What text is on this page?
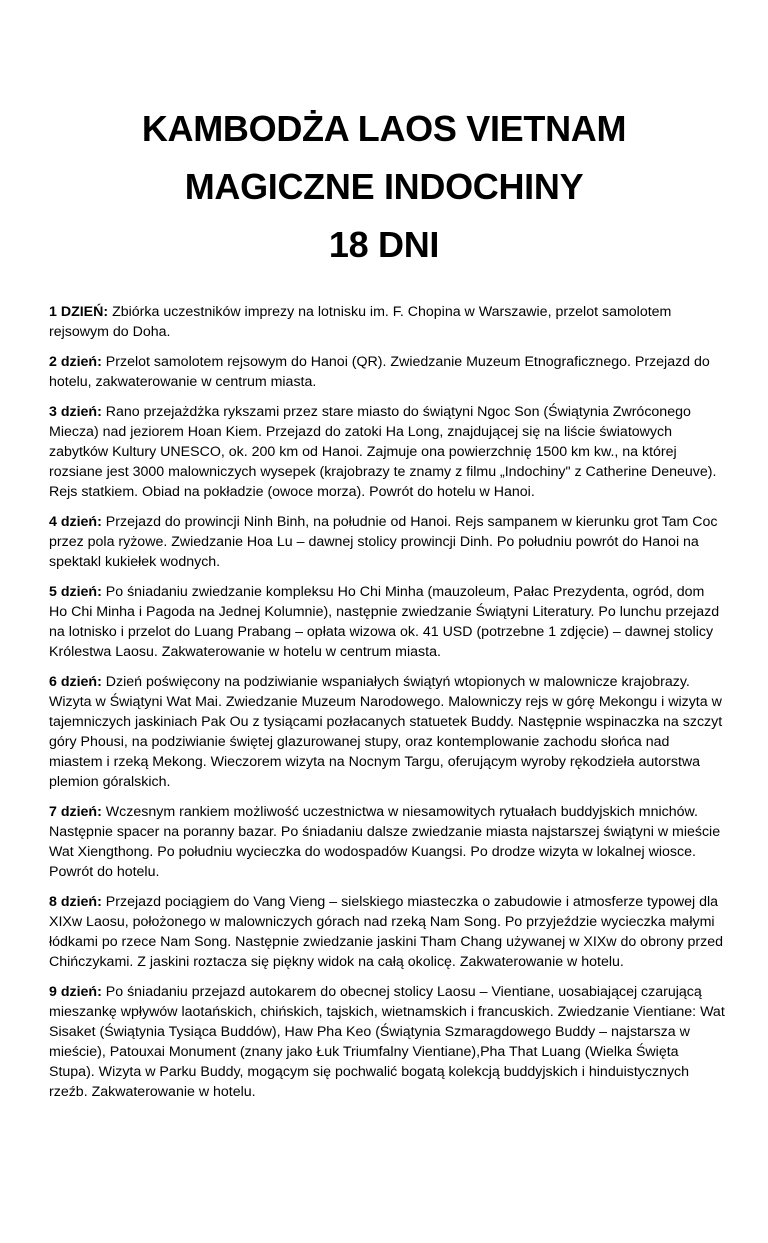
KAMBODŻA LAOS VIETNAM
MAGICZNE INDOCHINY
18 DNI

1 DZIEŃ: Zbiórka uczestników imprezy na lotnisku im. F. Chopina w Warszawie, przelot samolotem rejsowym do Doha.

2 dzień: Przelot samolotem rejsowym do Hanoi (QR). Zwiedzanie Muzeum Etnograficznego. Przejazd do hotelu, zakwaterowanie w centrum miasta.

3 dzień: Rano przejażdżka rykszami przez stare miasto do świątyni Ngoc Son (Świątynia Zwróconego Miecza) nad jeziorem Hoan Kiem. Przejazd do zatoki Ha Long, znajdującej się na liście światowych zabytków Kultury UNESCO, ok. 200 km od Hanoi. Zajmuje ona powierzchnię 1500 km kw., na której rozsiane jest 3000 malowniczych wysepek (krajobrazy te znamy z filmu „Indochiny" z Catherine Deneuve). Rejs statkiem. Obiad na pokładzie (owoce morza). Powrót do hotelu w Hanoi.

4 dzień: Przejazd do prowincji Ninh Binh, na południe od Hanoi. Rejs sampanem w kierunku grot Tam Coc przez pola ryżowe. Zwiedzanie Hoa Lu – dawnej stolicy prowincji Dinh. Po południu powrót do Hanoi na spektakl kukiełek wodnych.

5 dzień: Po śniadaniu zwiedzanie kompleksu Ho Chi Minha (mauzoleum, Pałac Prezydenta, ogród, dom Ho Chi Minha i Pagoda na Jednej Kolumnie), następnie zwiedzanie Świątyni Literatury. Po lunchu przejazd na lotnisko i przelot do Luang Prabang – opłata wizowa ok. 41 USD (potrzebne 1 zdjęcie) – dawnej stolicy Królestwa Laosu. Zakwaterowanie w hotelu w centrum miasta.

6 dzień: Dzień poświęcony na podziwianie wspaniałych świątyń wtopionych w malownicze krajobrazy. Wizyta w Świątyni Wat Mai. Zwiedzanie Muzeum Narodowego. Malowniczy rejs w górę Mekongu i wizyta w tajemniczych jaskiniach Pak Ou z tysiącami pozłacanych statuetek Buddy. Następnie wspinaczka na szczyt góry Phousi, na podziwianie świętej glazurowanej stupy, oraz kontemplowanie zachodu słońca nad miastem i rzeką Mekong. Wieczorem wizyta na Nocnym Targu, oferującym wyroby rękodzieła autorstwa plemion góralskich.

7 dzień: Wczesnym rankiem możliwość uczestnictwa w niesamowitych rytuałach buddyjskich mnichów. Następnie spacer na poranny bazar. Po śniadaniu dalsze zwiedzanie miasta najstarszej świątyni w mieście Wat Xiengthong. Po południu wycieczka do wodospadów Kuangsi. Po drodze wizyta w lokalnej wiosce. Powrót do hotelu.

8 dzień: Przejazd pociągiem do Vang Vieng – sielskiego miasteczka o zabudowie i atmosferze typowej dla XIXw Laosu, położonego w malowniczych górach nad rzeką Nam Song. Po przyjeździe wycieczka małymi łódkami po rzece Nam Song. Następnie zwiedzanie jaskini Tham Chang używanej w XIXw do obrony przed Chińczykami. Z jaskini roztacza się piękny widok na całą okolicę. Zakwaterowanie w hotelu.

9 dzień: Po śniadaniu przejazd autokarem do obecnej stolicy Laosu – Vientiane, uosabiającej czarującą mieszankę wpływów laotańskich, chińskich, tajskich, wietnamskich i francuskich. Zwiedzanie Vientiane: Wat Sisaket (Świątynia Tysiąca Buddów), Haw Pha Keo (Świątynia Szmaragdowego Buddy – najstarsza w mieście), Patouxai Monument (znany jako Łuk Triumfalny Vientiane),Pha That Luang (Wielka Święta Stupa). Wizyta w Parku Buddy, mogącym się pochwalić bogatą kolekcją buddyjskich i hinduistycznych rzeźb. Zakwaterowanie w hotelu.
